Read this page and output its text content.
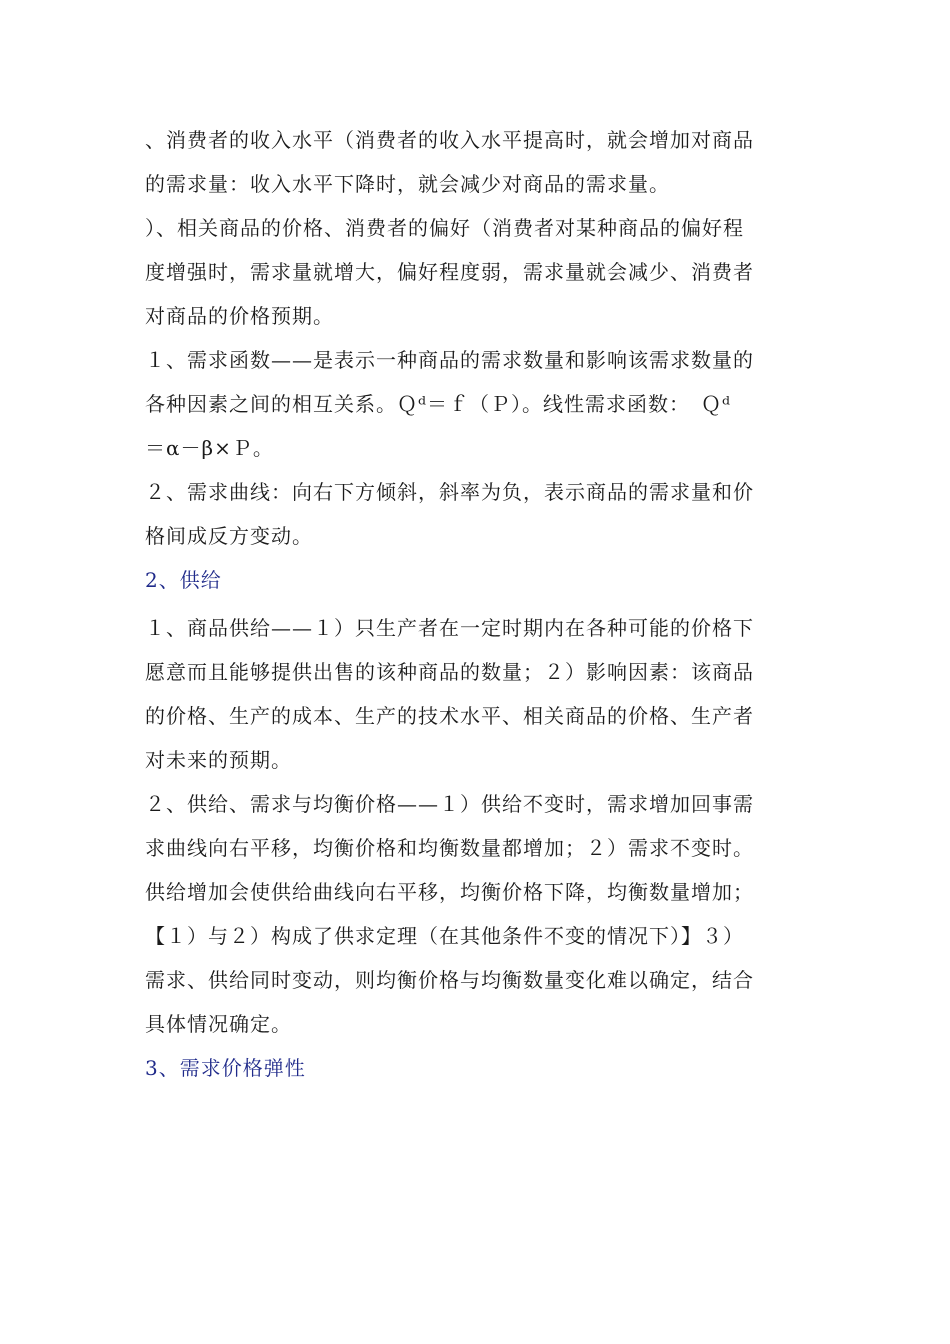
、消费者的收入水平（消费者的收入水平提高时，就会增加对商品
的需求量：收入水平下降时，就会减少对商品的需求量。

）、相关商品的价格、消费者的偏好（消费者对某种商品的偏好程
度增强时，需求量就增大，偏好程度弱，需求量就会减少、消费者
对商品的价格预期。

１、需求函数——是表示一种商品的需求数量和影响该需求数量的
各种因素之间的相互关系。Ｑᵈ＝ｆ（Ｐ）。线性需求函数：　Ｑᵈ
＝α－β×Ｐ。

２、需求曲线：向右下方倾斜，斜率为负，表示商品的需求量和价
格间成反方变动。

2、供给

１、商品供给——１）只生产者在一定时期内在各种可能的价格下
愿意而且能够提供出售的该种商品的数量；２）影响因素：该商品
的价格、生产的成本、生产的技术水平、相关商品的价格、生产者
对未来的预期。

２、供给、需求与均衡价格——１）供给不变时，需求增加回事需
求曲线向右平移，均衡价格和均衡数量都增加；２）需求不变时。
供给增加会使供给曲线向右平移，均衡价格下降，均衡数量增加；
【１）与２）构成了供求定理（在其他条件不变的情况下）】３）
需求、供给同时变动，则均衡价格与均衡数量变化难以确定，结合
具体情况确定。

3、需求价格弹性
